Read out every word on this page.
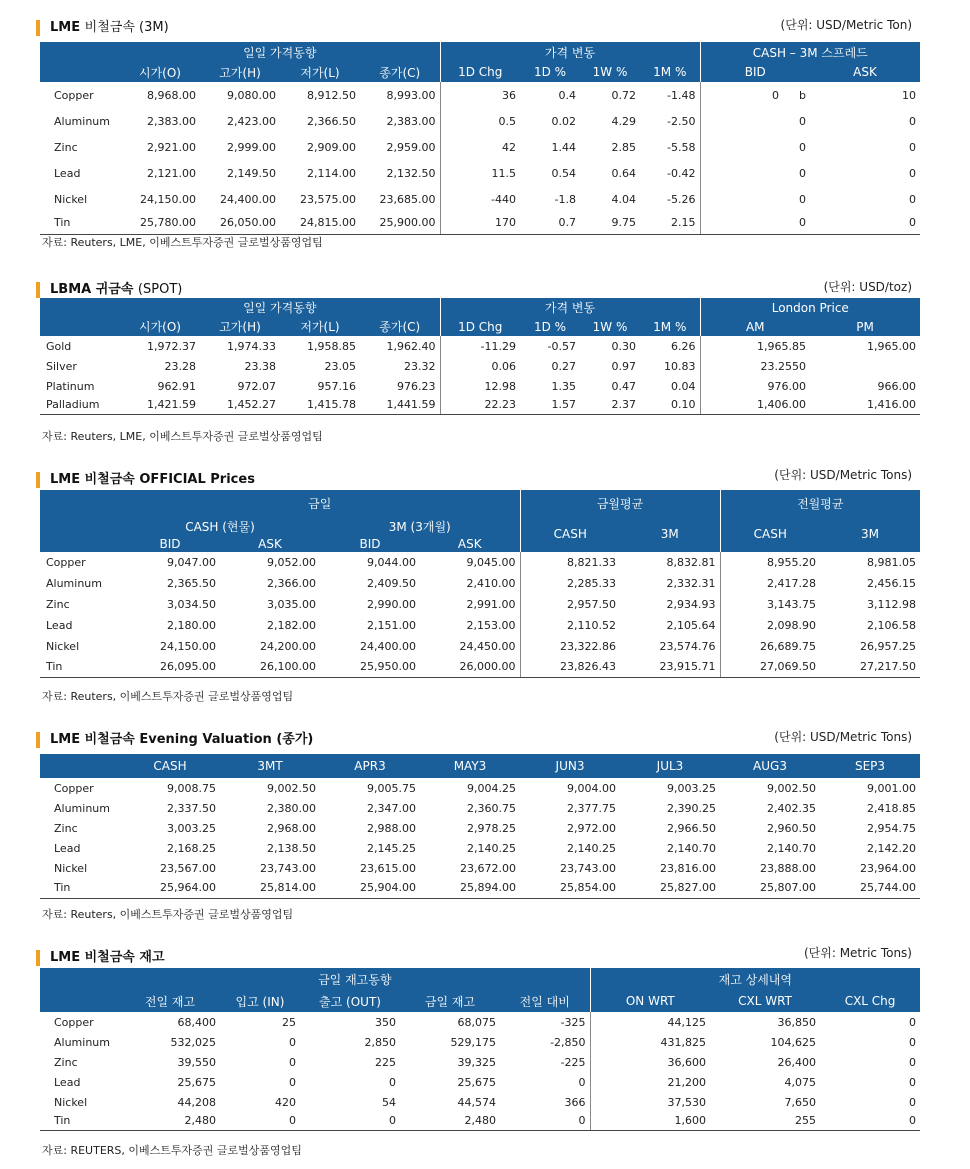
LME 비철금속 (3M)	(단위: USD/Metric Ton)
	일일 가격동향				가격 변동				CASH – 3M 스프레드	
	시가(O)	고가(H)	저가(L)	종가(C)	1D Chg	1D %	1W %	1M %	BID	ASK
Copper	8,968.00	9,080.00	8,912.50	8,993.00	36	0.4	0.72	-1.48	0 b	10
Aluminum	2,383.00	2,423.00	2,366.50	2,383.00	0.5	0.02	4.29	-2.50	0	0
Zinc	2,921.00	2,999.00	2,909.00	2,959.00	42	1.44	2.85	-5.58	0	0
Lead	2,121.00	2,149.50	2,114.00	2,132.50	11.5	0.54	0.64	-0.42	0	0
Nickel	24,150.00	24,400.00	23,575.00	23,685.00	-440	-1.8	4.04	-5.26	0	0
Tin	25,780.00	26,050.00	24,815.00	25,900.00	170	0.7	9.75	2.15	0	0
자료: Reuters, LME, 이베스트투자증권 글로벌상품영업팀
LBMA 귀금속 (SPOT)	(단위: USD/toz)
	일일 가격동향				가격 변동				London Price	
	시가(O)	고가(H)	저가(L)	종가(C)	1D Chg	1D %	1W %	1M %	AM	PM
Gold	1,972.37	1,974.33	1,958.85	1,962.40	-11.29	-0.57	0.30	6.26	1,965.85	1,965.00
Silver	23.28	23.38	23.05	23.32	0.06	0.27	0.97	10.83	23.2550	
Platinum	962.91	972.07	957.16	976.23	12.98	1.35	0.47	0.04	976.00	966.00
Palladium	1,421.59	1,452.27	1,415.78	1,441.59	22.23	1.57	2.37	0.10	1,406.00	1,416.00
자료: Reuters, LME, 이베스트투자증권 글로벌상품영업팀
LME 비철금속 OFFICIAL Prices	(단위: USD/Metric Tons)
	금일				금월평균		전월평균	
	CASH (현물)		3M (3개월)		CASH	3M	CASH	3M
	BID	ASK	BID	ASK				
Copper	9,047.00	9,052.00	9,044.00	9,045.00	8,821.33	8,832.81	8,955.20	8,981.05
Aluminum	2,365.50	2,366.00	2,409.50	2,410.00	2,285.33	2,332.31	2,417.28	2,456.15
Zinc	3,034.50	3,035.00	2,990.00	2,991.00	2,957.50	2,934.93	3,143.75	3,112.98
Lead	2,180.00	2,182.00	2,151.00	2,153.00	2,110.52	2,105.64	2,098.90	2,106.58
Nickel	24,150.00	24,200.00	24,400.00	24,450.00	23,322.86	23,574.76	26,689.75	26,957.25
Tin	26,095.00	26,100.00	25,950.00	26,000.00	23,826.43	23,915.71	27,069.50	27,217.50
자료: Reuters, 이베스트투자증권 글로벌상품영업팀
LME 비철금속 Evening Valuation (종가)	(단위: USD/Metric Tons)
	CASH	3MT	APR3	MAY3	JUN3	JUL3	AUG3	SEP3
Copper	9,008.75	9,002.50	9,005.75	9,004.25	9,004.00	9,003.25	9,002.50	9,001.00
Aluminum	2,337.50	2,380.00	2,347.00	2,360.75	2,377.75	2,390.25	2,402.35	2,418.85
Zinc	3,003.25	2,968.00	2,988.00	2,978.25	2,972.00	2,966.50	2,960.50	2,954.75
Lead	2,168.25	2,138.50	2,145.25	2,140.25	2,140.25	2,140.70	2,140.70	2,142.20
Nickel	23,567.00	23,743.00	23,615.00	23,672.00	23,743.00	23,816.00	23,888.00	23,964.00
Tin	25,964.00	25,814.00	25,904.00	25,894.00	25,854.00	25,827.00	25,807.00	25,744.00
자료: Reuters, 이베스트투자증권 글로벌상품영업팀
LME 비철금속 재고	(단위: Metric Tons)
	금일 재고동향					재고 상세내역		
	전일 재고	입고 (IN)	출고 (OUT)	금일 재고	전일 대비	ON WRT	CXL WRT	CXL Chg
Copper	68,400	25	350	68,075	-325	44,125	36,850	0
Aluminum	532,025	0	2,850	529,175	-2,850	431,825	104,625	0
Zinc	39,550	0	225	39,325	-225	36,600	26,400	0
Lead	25,675	0	0	25,675	0	21,200	4,075	0
Nickel	44,208	420	54	44,574	366	37,530	7,650	0
Tin	2,480	0	0	2,480	0	1,600	255	0
자료: REUTERS, 이베스트투자증권 글로벌상품영업팀
